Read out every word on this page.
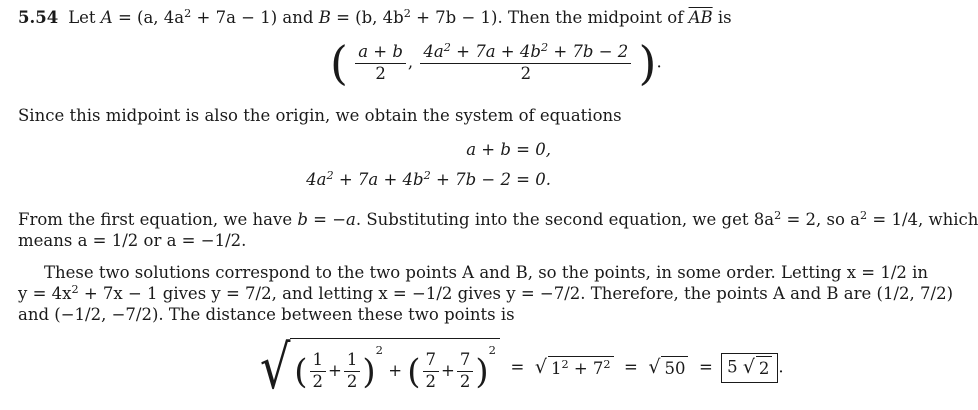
5.54 Let A = (a, $4a^2 + 7a - 1$) and B = (b, $4b^2 + 7b - 1$). Then the midpoint of $\overline{AB}$ is
( $\frac{a + b}{2}$ , $\frac{4a^2 + 7a + 4b^2 + 7b - 2}{2}$ ).
Since this midpoint is also the origin, we obtain the system of equations
a + b = 0,
$4a^2 + 7a + 4b^2 + 7b - 2 = 0$.
From the first equation, we have b = −a. Substituting into the second equation, we get $8a^2 = 2$, so $a^2 = 1/4$, which
means a = 1/2 or a = −1/2.
These two solutions correspond to the two points A and B, so the points, in some order. Letting x = 1/2 in
$y = 4x^2 + 7x - 1$ gives y = 7/2, and letting x = −1/2 gives y = −7/2. Therefore, the points A and B are (1/2, 7/2)
and (−1/2, −7/2). The distance between these two points is
√ ( $\frac{1}{2} + \frac{1}{2}$ )
2

+
( $\frac{7}{2} + \frac{7}{2}$ )
2
= √ $1^2 + 7^2$ = √ 50 = 5 √ 2 .
